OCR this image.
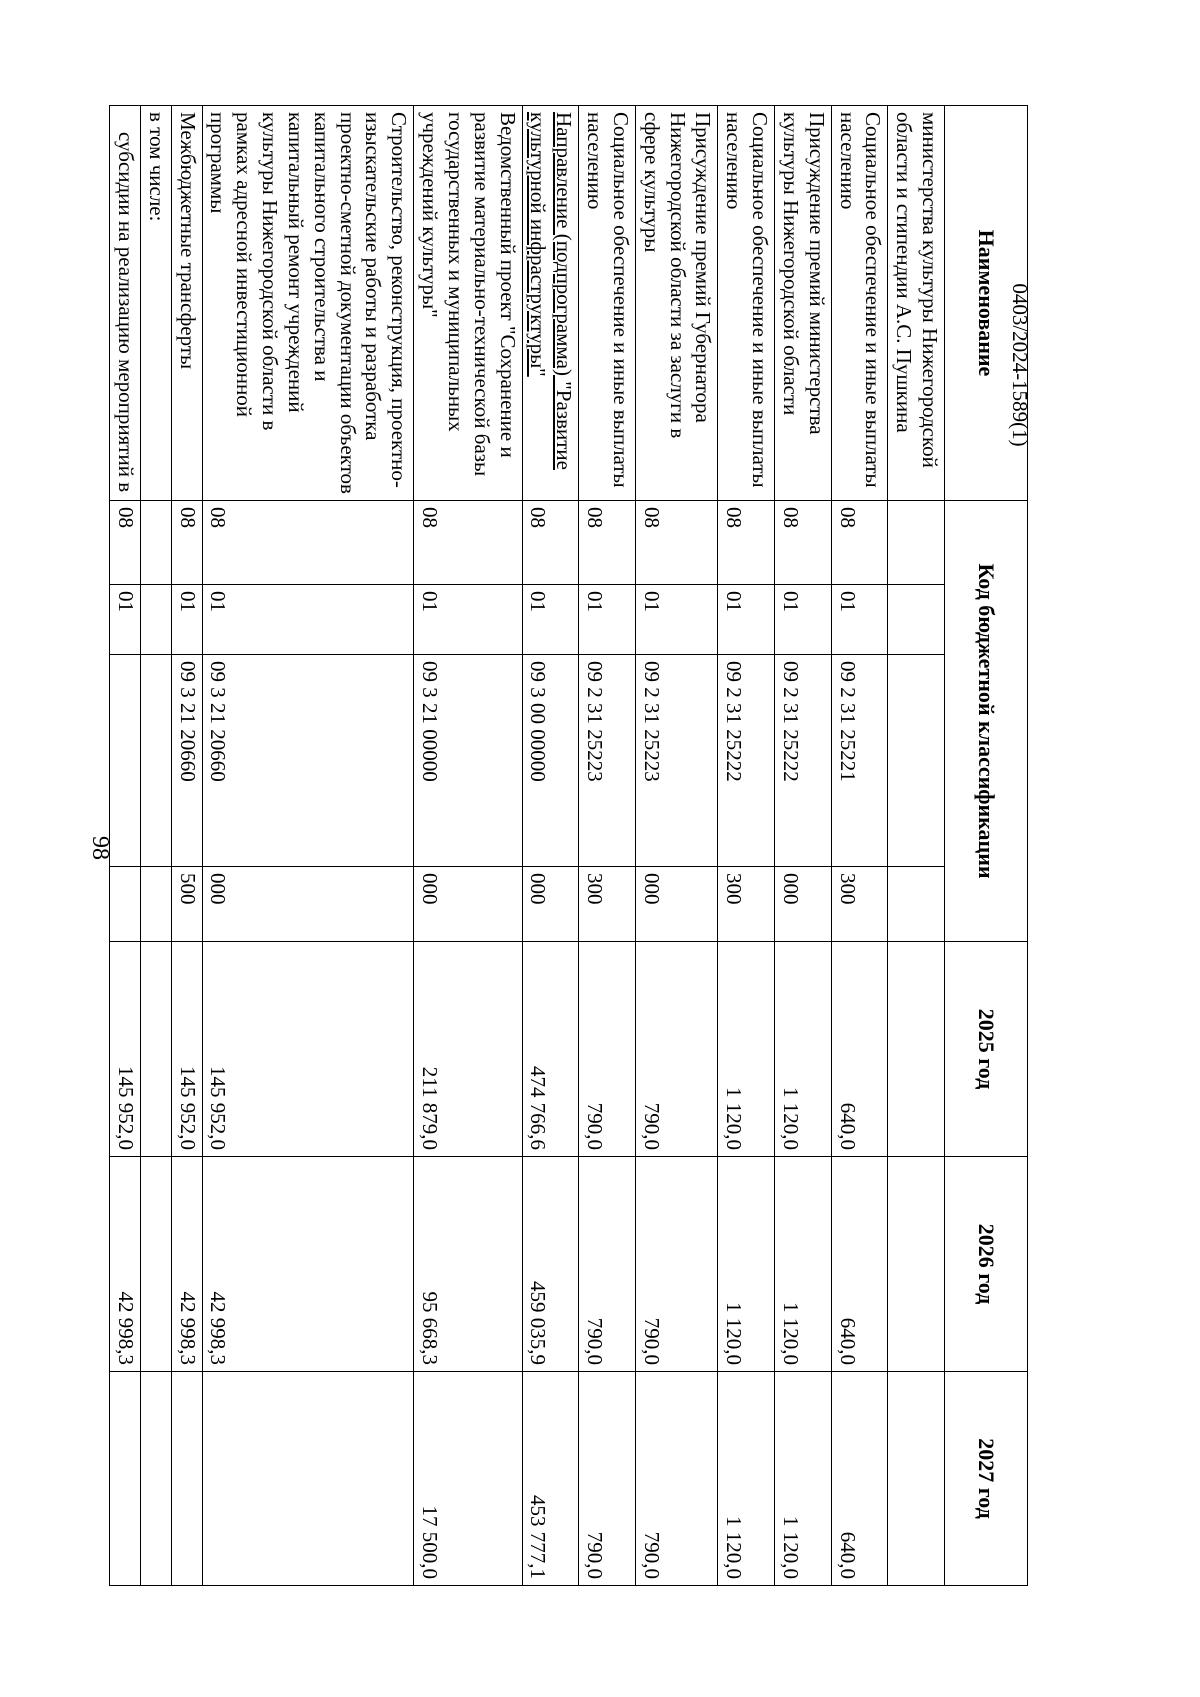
98
Наименование	Код бюджетной классификации				2025 год	2026 год	2027 год
министерства культуры Нижегородской области и стипендии А.С. Пушкина							
Социальное обеспечение и иные выплаты населению	08	01	09 2 31 25221	300	640,0	640,0	640,0
Присуждение премий министерства культуры Нижегородской области	08	01	09 2 31 25222	000	1 120,0	1 120,0	1 120,0
Социальное обеспечение и иные выплаты населению	08	01	09 2 31 25222	300	1 120,0	1 120,0	1 120,0
Присуждение премий Губернатора Нижегородской области за заслуги в сфере культуры	08	01	09 2 31 25223	000	790,0	790,0	790,0
Социальное обеспечение и иные выплаты населению	08	01	09 2 31 25223	300	790,0	790,0	790,0
Направление (подпрограмма) "Развитие культурной инфраструктуры"	08	01	09 3 00 00000	000	474 766,6	459 035,9	453 777,1
Ведомственный проект "Сохранение и развитие материально-технической базы государственных и муниципальных учреждений культуры"	08	01	09 3 21 00000	000	211 879,0	95 668,3	17 500,0
Строительство, реконструкция, проектно-изыскательские работы и разработка проектно-сметной документации объектов капитального строительства и капитальный ремонт учреждений культуры Нижегородской области в рамках адресной инвестиционной программы	08	01	09 3 21 20660	000	145 952,0	42 998,3	
Межбюджетные трансферты	08	01	09 3 21 20660	500	145 952,0	42 998,3	
в том числе:							
субсидии на реализацию мероприятий в	08	01			145 952,0	42 998,3	
0403/2024-1589(1)
